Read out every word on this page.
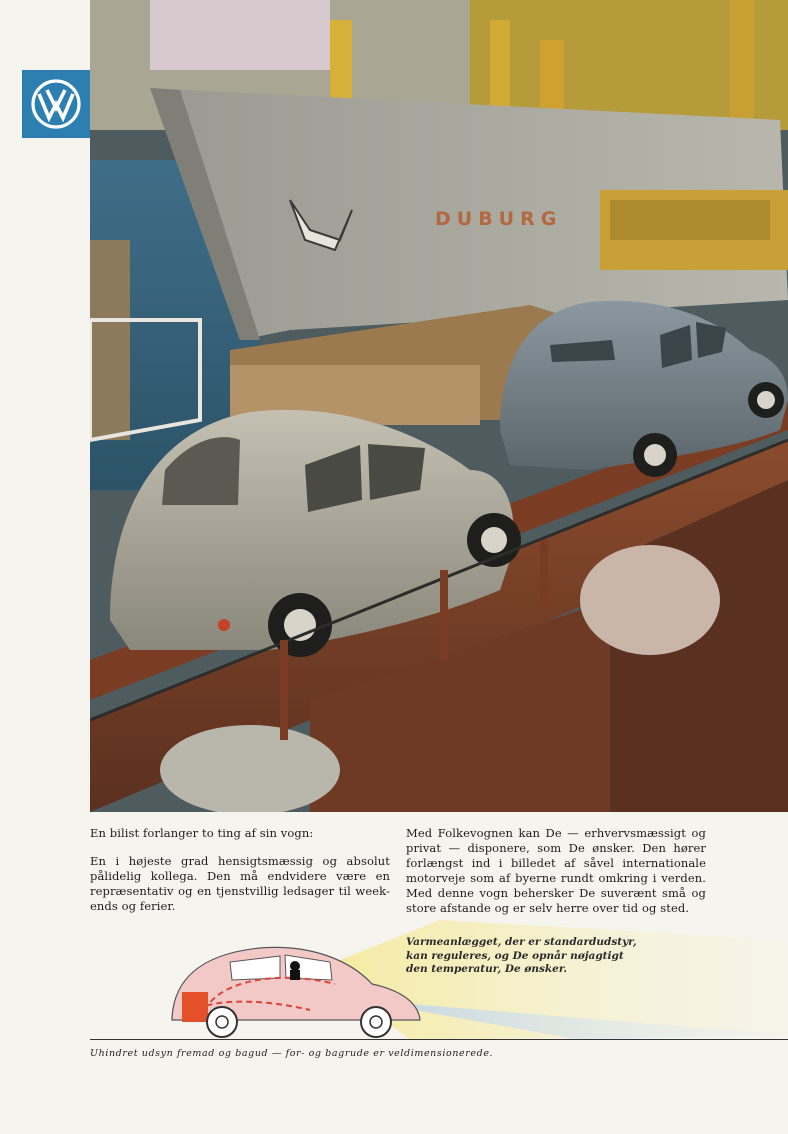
DUBURG

En bilist forlanger to ting af sin vogn:

En i højeste grad hensigtsmæssig og absolut pålidelig kollega. Den må endvidere være en repræsentativ og en tjenstvillig ledsager til week-ends og ferier.

Med Folkevognen kan De — erhvervsmæssigt og privat — disponere, som De ønsker. Den hører forlængst ind i billedet af såvel internationale motorveje som af byerne rundt omkring i verden. Med denne vogn behersker De suverænt små og store afstande og er selv herre over tid og sted.

Varmeanlægget, der er standardudstyr,
kan reguleres, og De opnår nøjagtigt
den temperatur, De ønsker.
Uhindret udsyn fremad og bagud — for- og bagrude er veldimensionerede.
